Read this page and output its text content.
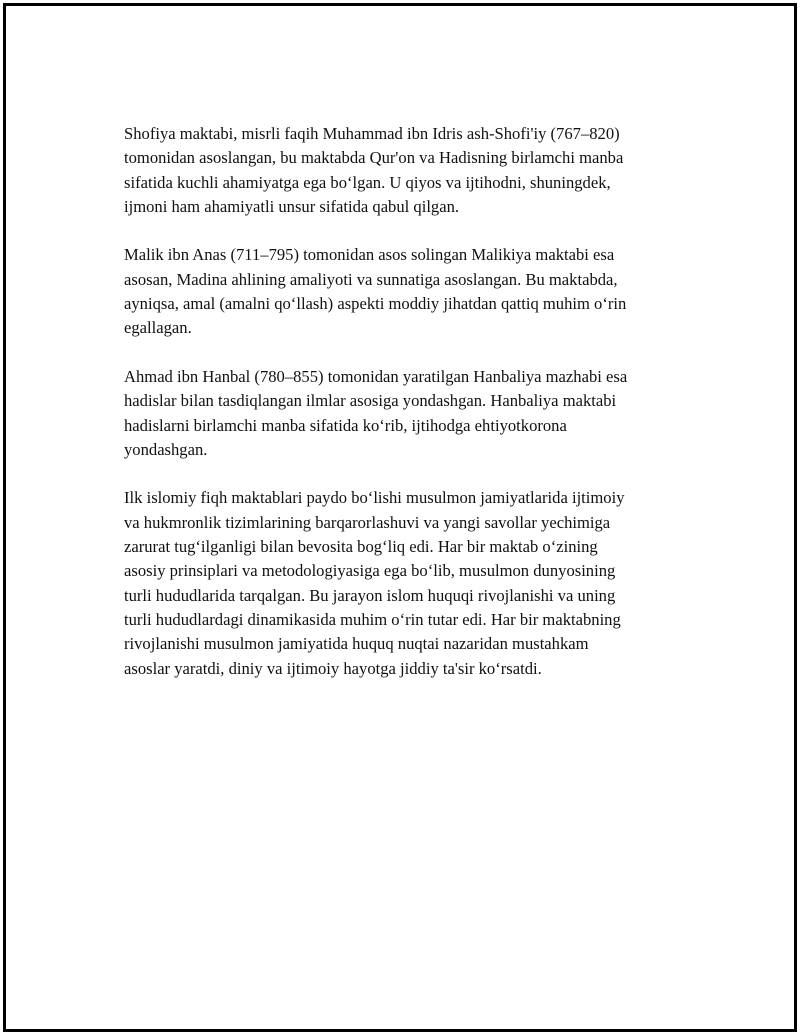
Shofiya maktabi, misrli faqih Muhammad ibn Idris ash-Shofi'iy (767–820)
tomonidan asoslangan, bu maktabda Qur'on va Hadisning birlamchi manba
sifatida kuchli ahamiyatga ega bo‘lgan. U qiyos va ijtihodni, shuningdek,
ijmoni ham ahamiyatli unsur sifatida qabul qilgan.

Malik ibn Anas (711–795) tomonidan asos solingan Malikiya maktabi esa
asosan, Madina ahlining amaliyoti va sunnatiga asoslangan. Bu maktabda,
ayniqsa, amal (amalni qo‘llash) aspekti moddiy jihatdan qattiq muhim o‘rin
egallagan.

Ahmad ibn Hanbal (780–855) tomonidan yaratilgan Hanbaliya mazhabi esa
hadislar bilan tasdiqlangan ilmlar asosiga yondashgan. Hanbaliya maktabi
hadislarni birlamchi manba sifatida ko‘rib, ijtihodga ehtiyotkorona
yondashgan.

Ilk islomiy fiqh maktablari paydo bo‘lishi musulmon jamiyatlarida ijtimoiy
va hukmronlik tizimlarining barqarorlashuvi va yangi savollar yechimiga
zarurat tug‘ilganligi bilan bevosita bog‘liq edi. Har bir maktab o‘zining
asosiy prinsiplari va metodologiyasiga ega bo‘lib, musulmon dunyosining
turli hududlarida tarqalgan. Bu jarayon islom huquqi rivojlanishi va uning
turli hududlardagi dinamikasida muhim o‘rin tutar edi. Har bir maktabning
rivojlanishi musulmon jamiyatida huquq nuqtai nazaridan mustahkam
asoslar yaratdi, diniy va ijtimoiy hayotga jiddiy ta'sir ko‘rsatdi.
